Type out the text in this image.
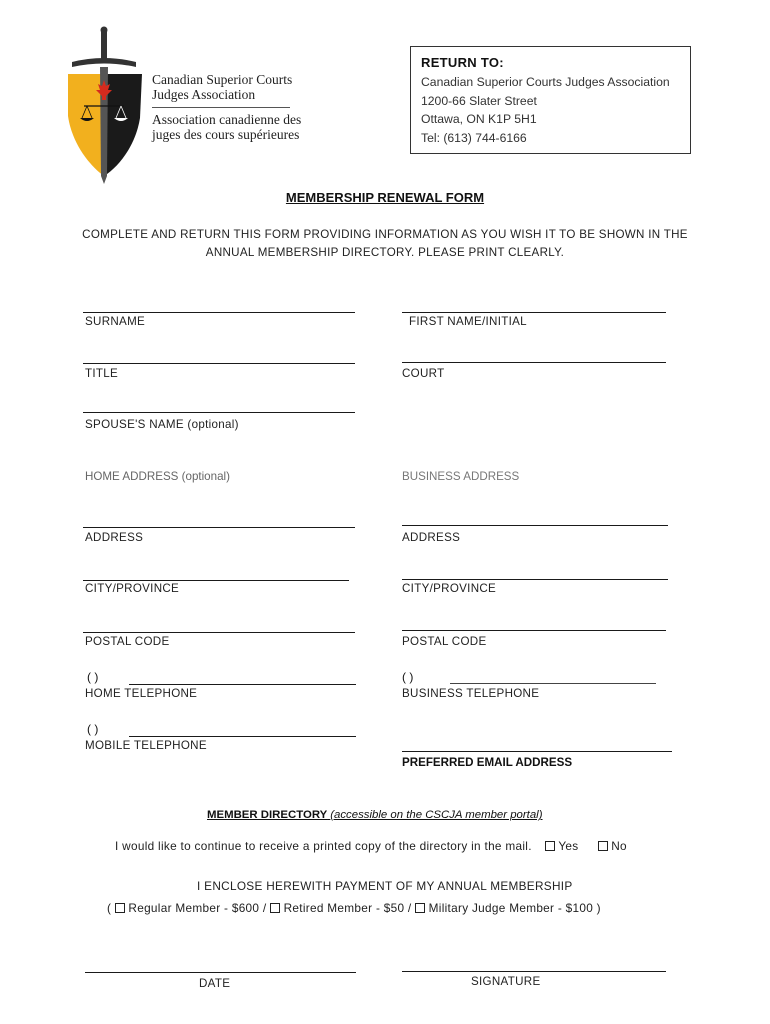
Canadian Superior Courts
Judges Association
Association canadienne des
juges des cours supérieures
RETURN TO:
Canadian Superior Courts Judges Association
1200-66 Slater Street
Ottawa, ON K1P 5H1
Tel: (613) 744-6166
MEMBERSHIP RENEWAL FORM
COMPLETE AND RETURN THIS FORM PROVIDING INFORMATION AS YOU WISH IT TO BE SHOWN IN THE
ANNUAL MEMBERSHIP DIRECTORY. PLEASE PRINT CLEARLY.
SURNAME	FIRST NAME/INITIAL
TITLE	COURT
SPOUSE'S NAME (optional)
HOME ADDRESS (optional)	BUSINESS ADDRESS
ADDRESS	ADDRESS
CITY/PROVINCE	CITY/PROVINCE
POSTAL CODE	POSTAL CODE
( )
HOME TELEPHONE
( )
BUSINESS TELEPHONE
( )
MOBILE TELEPHONE
PREFERRED EMAIL ADDRESS
MEMBER DIRECTORY (accessible on the CSCJA member portal)
I would like to continue to receive a printed copy of the directory in the mail. Yes	No
I ENCLOSE HEREWITH PAYMENT OF MY ANNUAL MEMBERSHIP
( Regular Member - $600 / Retired Member - $50 / Military Judge Member - $100 )
DATE	SIGNATURE
